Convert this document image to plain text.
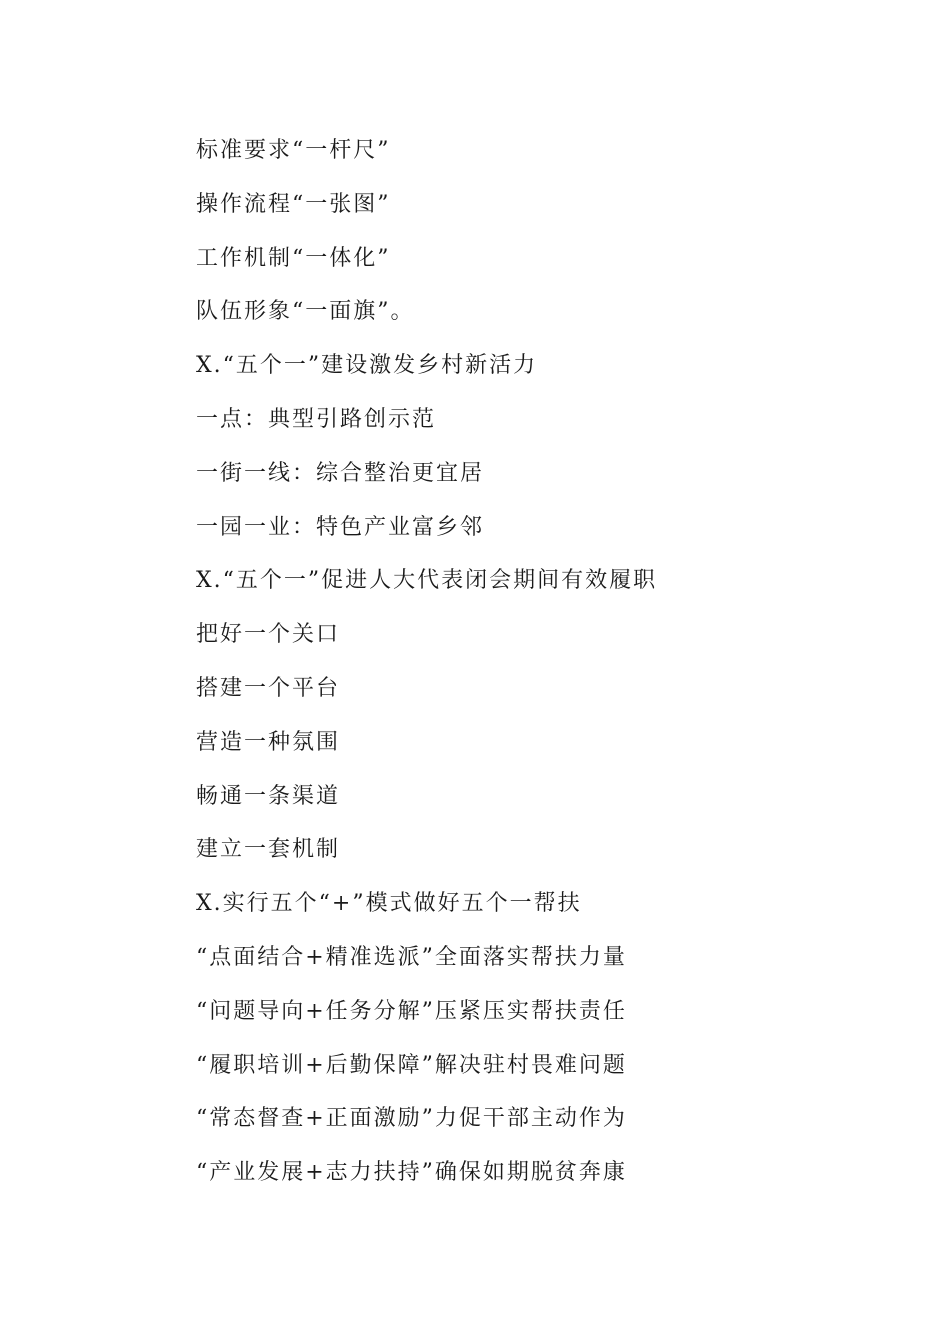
标准要求“一杆尺”
操作流程“一张图”
工作机制“一体化”
队伍形象“一面旗”。
X.“五个一”建设激发乡村新活力
一点：典型引路创示范
一街一线：综合整治更宜居
一园一业：特色产业富乡邻
X.“五个一”促进人大代表闭会期间有效履职
把好一个关口
搭建一个平台
营造一种氛围
畅通一条渠道
建立一套机制
X.实行五个“+”模式做好五个一帮扶
“点面结合+精准选派”全面落实帮扶力量
“问题导向+任务分解”压紧压实帮扶责任
“履职培训+后勤保障”解决驻村畏难问题
“常态督查+正面激励”力促干部主动作为
“产业发展+志力扶持”确保如期脱贫奔康
